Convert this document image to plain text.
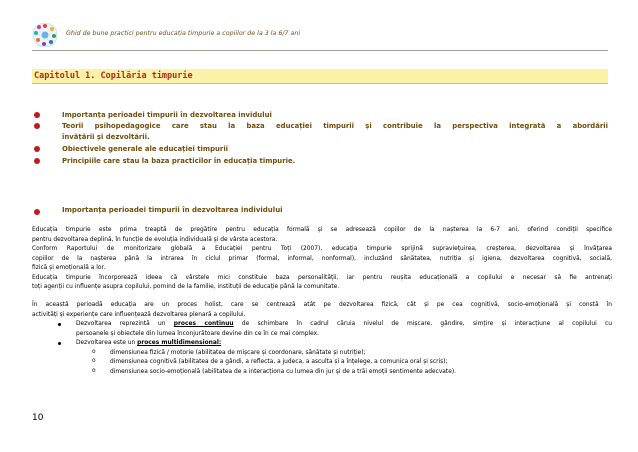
Ghid de bune practici pentru educația timpurie a copiilor de la 3 la 6/7 ani
Capitolul 1. Copilăria timpurie
Importanța perioadei timpurii în dezvoltarea invidului
Teorii psihopedagogice care stau la baza educației timpurii și contribuie la perspectiva integrată a abordării
învățării și dezvoltării.
Obiectivele generale ale educației timpurii
Principiile care stau la baza practicilor în educația timpurie.
Importanța perioadei timpurii în dezvoltarea individului
Educația timpurie este prima treaptă de pregătire pentru educația formală și se adresează copiilor de la nașterea la 6-7 ani, oferind condiții specifice
pentru dezvoltarea deplină, în funcție de evoluția individuală și de vârsta acestora.
Conform Raportului de monitorizare globală a Educației pentru Toți (2007), educația timpurie sprijină supraviețuirea, creșterea, dezvoltarea și învățarea
copiilor de la nașterea până la intrarea în ciclul primar (formal, informal, nonformal), incluzând sănătatea, nutriția și igiena, dezvoltarea cognitivă, socială,
fizică și emoțională a lor.
Educația timpurie încorporează ideea că vârstele mici constituie baza personalității, iar pentru reușita educațională a copilului e necesar să fie antrenați
toți agenții cu influențe asupra copilului, pornind de la familie, instituții de educație până la comunitate.
În această perioadă educația are un proces holist, care se centrează atât pe dezvoltarea fizică, cât și pe cea cognitivă, socio-emoțională și constă în
activități și experiențe care influențează dezvoltarea plenară a copilului.
Dezvoltarea reprezintă un proces continuu de schimbare în cadrul căruia nivelul de mișcare, gândire, simțire și interacțiune al copilului cu
persoanele și obiectele din lumea înconjurătoare devine din ce în ce mai complex.
Dezvoltarea este un proces multidimensional:
o dimensiunea fizică / motorie (abilitatea de mișcare și coordonare, sănătate și nutriție);
o dimensiunea cognitivă (abilitatea de a gândi, a reflecta, a judeca, a asculta și a înțelege, a comunica oral și scris);
o dimensiunea socio-emoțională (abilitatea de a interacționa cu lumea din jur și de a trăi emoții sentimente adecvate).
10
